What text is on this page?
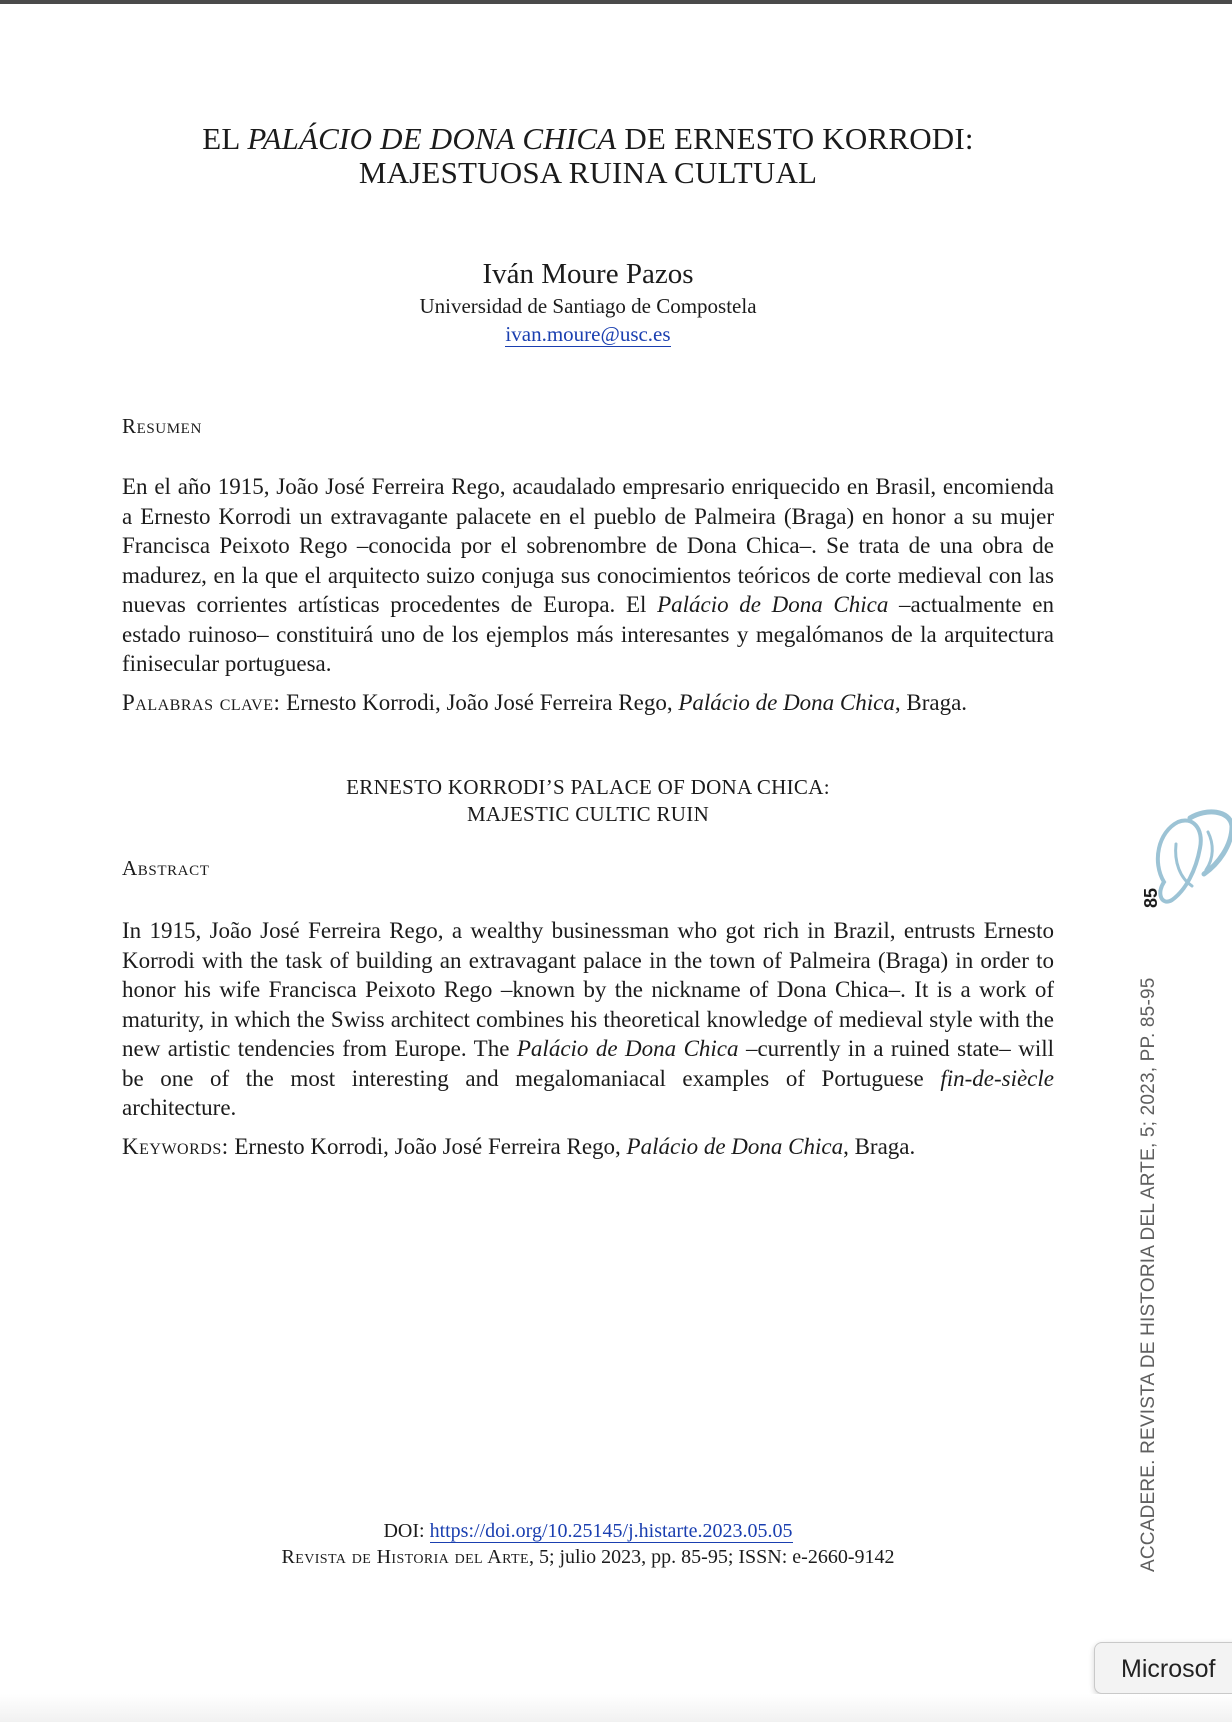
EL PALÁCIO DE DONA CHICA DE ERNESTO KORRODI:
MAJESTUOSA RUINA CULTUAL
Iván Moure Pazos
Universidad de Santiago de Compostela
ivan.moure@usc.es
Resumen
En el año 1915, João José Ferreira Rego, acaudalado empresario enriquecido en Brasil, encomienda a Ernesto Korrodi un extravagante palacete en el pueblo de Palmeira (Braga) en honor a su mujer Francisca Peixoto Rego –conocida por el sobrenombre de Dona Chica–. Se trata de una obra de madurez, en la que el arquitecto suizo conjuga sus conocimientos teóricos de corte medieval con las nuevas corrientes artísticas procedentes de Europa. El Palácio de Dona Chica –actualmente en estado ruinoso– constituirá uno de los ejemplos más interesantes y megalómanos de la arquitectura finisecular portuguesa.
Palabras clave: Ernesto Korrodi, João José Ferreira Rego, Palácio de Dona Chica, Braga.
ERNESTO KORRODI’S PALACE OF DONA CHICA:
MAJESTIC CULTIC RUIN
Abstract
In 1915, João José Ferreira Rego, a wealthy businessman who got rich in Brazil, entrusts Ernesto Korrodi with the task of building an extravagant palace in the town of Palmeira (Braga) in order to honor his wife Francisca Peixoto Rego –known by the nickname of Dona Chica–. It is a work of maturity, in which the Swiss architect combines his theoretical knowledge of medieval style with the new artistic tendencies from Europe. The Palácio de Dona Chica –currently in a ruined state– will be one of the most interesting and megalomaniacal examples of Portuguese fin-de-siècle architecture.
Keywords: Ernesto Korrodi, João José Ferreira Rego, Palácio de Dona Chica, Braga.
DOI: https://doi.org/10.25145/j.histarte.2023.05.05
Revista de Historia del Arte, 5; julio 2023, pp. 85-95; ISSN: e-2660-9142
85
ACCADERE. REVISTA DE HISTORIA DEL ARTE, 5; 2023, PP. 85-95
Microsof
